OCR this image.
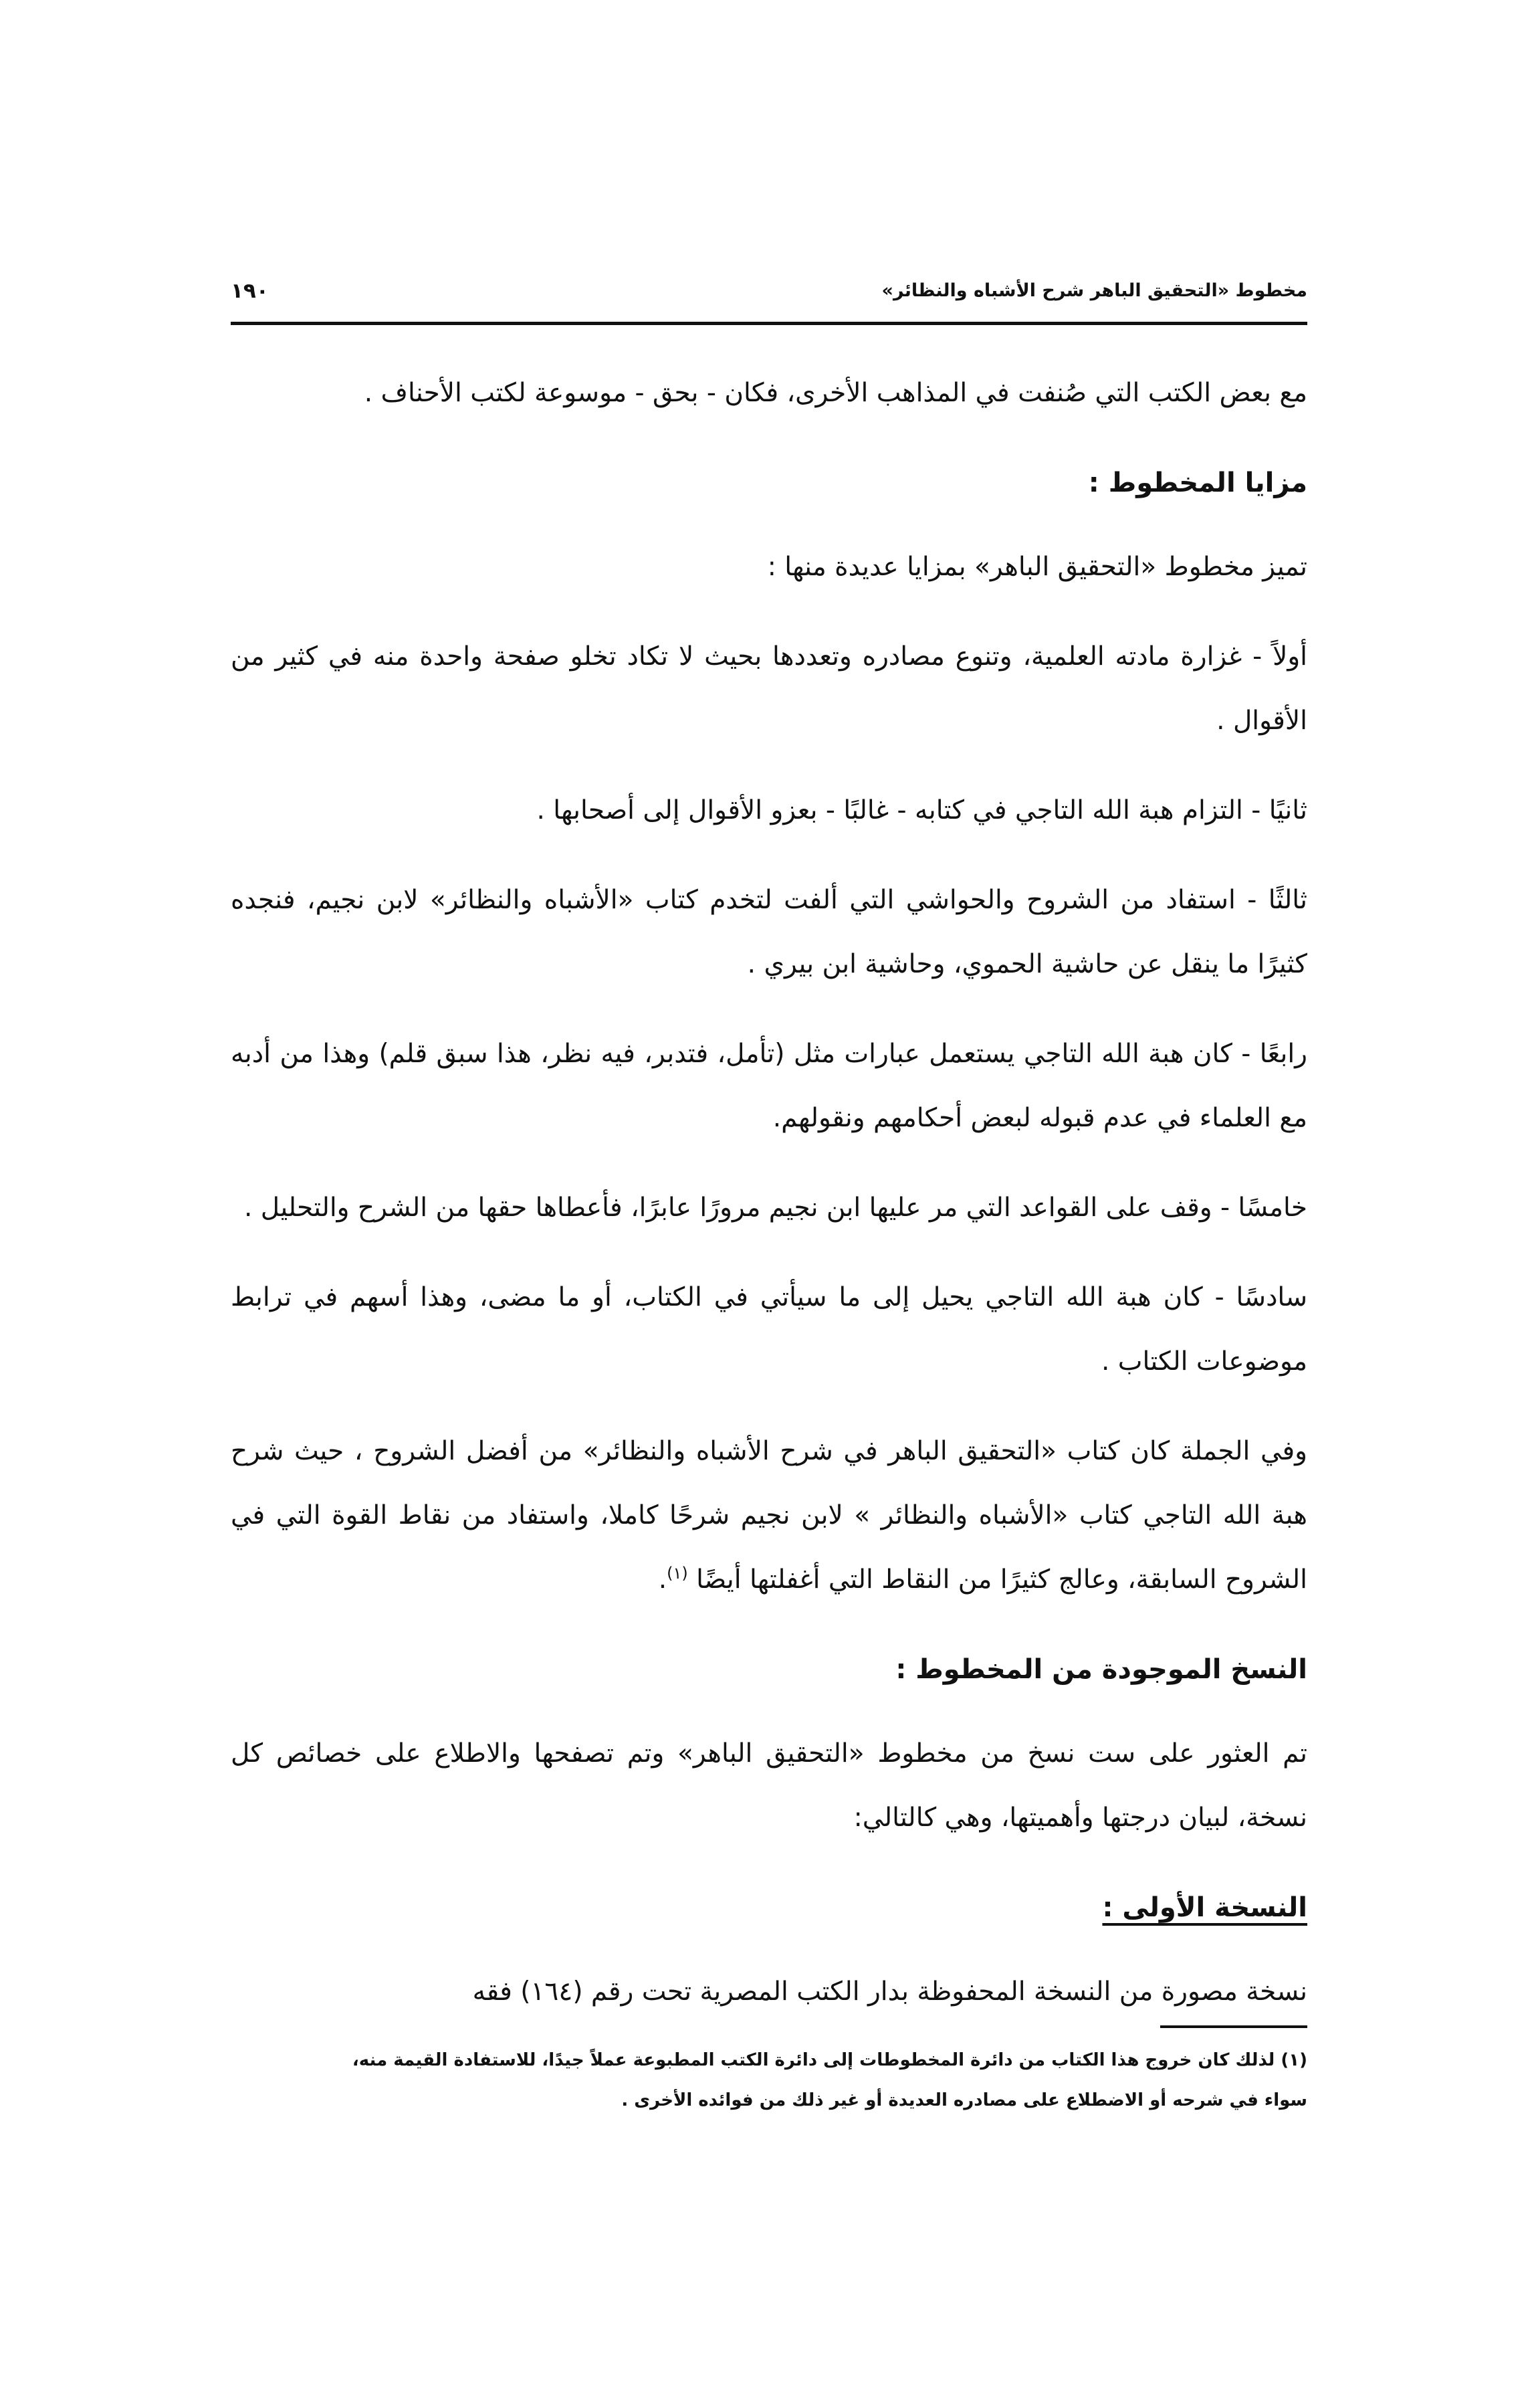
مخطوط «التحقيق الباهر شرح الأشباه والنظائر»
١٩٠

مع بعض الكتب التي صُنفت في المذاهب الأخرى، فكان - بحق - موسوعة لكتب الأحناف .

مزايا المخطوط :

تميز مخطوط «التحقيق الباهر» بمزايا عديدة منها :

أولاً - غزارة مادته العلمية، وتنوع مصادره وتعددها بحيث لا تكاد تخلو صفحة واحدة منه في كثير من الأقوال .

ثانيًا - التزام هبة الله التاجي في كتابه - غالبًا - بعزو الأقوال إلى أصحابها .

ثالثًا - استفاد من الشروح والحواشي التي ألفت لتخدم كتاب «الأشباه والنظائر» لابن نجيم، فنجده كثيرًا ما ينقل عن حاشية الحموي، وحاشية ابن بيري .

رابعًا - كان هبة الله التاجي يستعمل عبارات مثل (تأمل، فتدبر، فيه نظر، هذا سبق قلم) وهذا من أدبه مع العلماء في عدم قبوله لبعض أحكامهم ونقولهم.

خامسًا - وقف على القواعد التي مر عليها ابن نجيم مرورًا عابرًا، فأعطاها حقها من الشرح والتحليل .

سادسًا - كان هبة الله التاجي يحيل إلى ما سيأتي في الكتاب، أو ما مضى، وهذا أسهم في ترابط موضوعات الكتاب .

وفي الجملة كان كتاب «التحقيق الباهر في شرح الأشباه والنظائر» من أفضل الشروح ، حيث شرح هبة الله التاجي كتاب «الأشباه والنظائر » لابن نجيم شرحًا كاملا، واستفاد من نقاط القوة التي في الشروح السابقة، وعالج كثيرًا من النقاط التي أغفلتها أيضًا $^{(١)}$.

النسخ الموجودة من المخطوط :

تم العثور على ست نسخ من مخطوط «التحقيق الباهر» وتم تصفحها والاطلاع على خصائص كل نسخة، لبيان درجتها وأهميتها، وهي كالتالي:

النسخة الأولى :

نسخة مصورة من النسخة المحفوظة بدار الكتب المصرية تحت رقم (١٦٤) فقه

(١) لذلك كان خروج هذا الكتاب من دائرة المخطوطات إلى دائرة الكتب المطبوعة عملاً جيدًا، للاستفادة القيمة منه،

سواء في شرحه أو الاضطلاع على مصادره العديدة أو غير ذلك من فوائده الأخرى .
